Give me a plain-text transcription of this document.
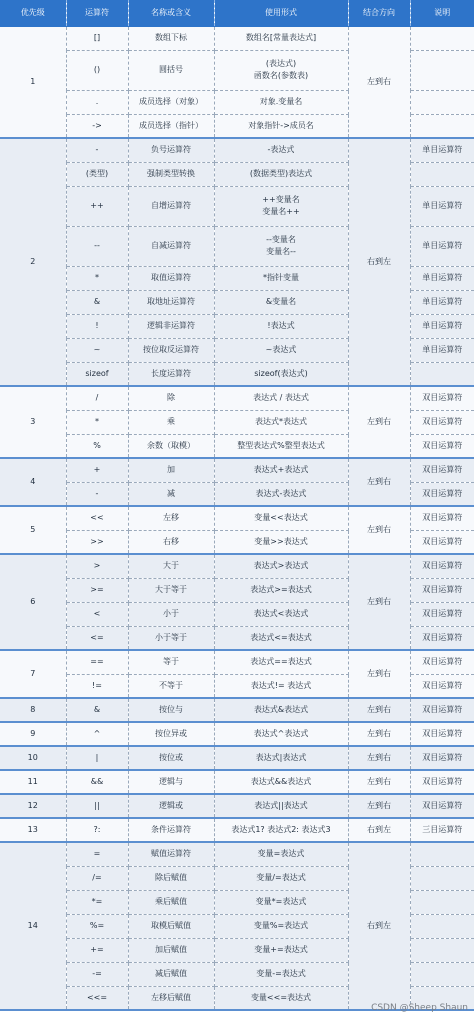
优先级	运算符	名称或含义	使用形式	结合方向	说明
1	[]	数组下标	数组名[常量表达式]	左到右	
	()	圆括号	(表达式)
函数名(参数表)		
	.	成员选择（对象）	对象.变量名		
	->	成员选择（指针）	对象指针->成员名		
2	-	负号运算符	-表达式	右到左	单目运算符
	(类型)	强制类型转换	(数据类型)表达式		
	++	自增运算符	++变量名
变量名++		单目运算符
	--	自减运算符	--变量名
变量名--		单目运算符
	*	取值运算符	*指针变量		单目运算符
	&	取地址运算符	&变量名		单目运算符
	!	逻辑非运算符	!表达式		单目运算符
	~	按位取反运算符	~表达式		单目运算符
	sizeof	长度运算符	sizeof(表达式)		
3	/	除	表达式 / 表达式	左到右	双目运算符
	*	乘	表达式*表达式		双目运算符
	%	余数（取模）	整型表达式%整型表达式		双目运算符
4	+	加	表达式+表达式	左到右	双目运算符
	-	减	表达式-表达式		双目运算符
5	<<	左移	变量<<表达式	左到右	双目运算符
	>>	右移	变量>>表达式		双目运算符
6	>	大于	表达式>表达式	左到右	双目运算符
	>=	大于等于	表达式>=表达式		双目运算符
	<	小于	表达式<表达式		双目运算符
	<=	小于等于	表达式<=表达式		双目运算符
7	==	等于	表达式==表达式	左到右	双目运算符
	!=	不等于	表达式!= 表达式		双目运算符
8	&	按位与	表达式&表达式	左到右	双目运算符
9	^	按位异或	表达式^表达式	左到右	双目运算符
10	|	按位或	表达式|表达式	左到右	双目运算符
11	&&	逻辑与	表达式&&表达式	左到右	双目运算符
12	||	逻辑或	表达式||表达式	左到右	双目运算符
13	?:	条件运算符	表达式1? 表达式2: 表达式3	右到左	三目运算符
14	=	赋值运算符	变量=表达式	右到左	
	/=	除后赋值	变量/=表达式		
	*=	乘后赋值	变量*=表达式		
	%=	取模后赋值	变量%=表达式		
	+=	加后赋值	变量+=表达式		
	-=	减后赋值	变量-=表达式		
	<<=	左移后赋值	变量<<=表达式		
CSDN @Sheep Shaun
